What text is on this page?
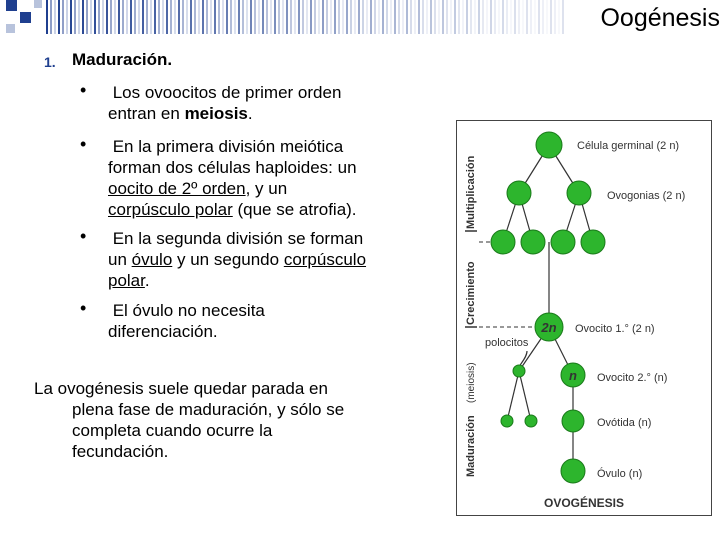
Oogénesis
1. Maduración.
• Los ovoocitos de primer orden
entran en meiosis.
• En la primera división meiótica
forman dos células haploides: un
oocito de 2º orden, y un
corpúsculo polar (que se atrofia).
• En la segunda división se forman
un óvulo y un segundo corpúsculo
polar.
• El óvulo no necesita
diferenciación.
La ovogénesis suele quedar parada en
plena fase de maduración, y sólo se
completa cuando ocurre la
fecundación.
Multiplicación
Crecimiento
Maduración
(meiosis)
2n
n
Célula germinal (2 n)
Ovogonias (2 n)
Ovocito 1.° (2 n)
Ovocito 2.° (n)
Ovótida (n)
Óvulo (n)
polocitos
OVOGÉNESIS
